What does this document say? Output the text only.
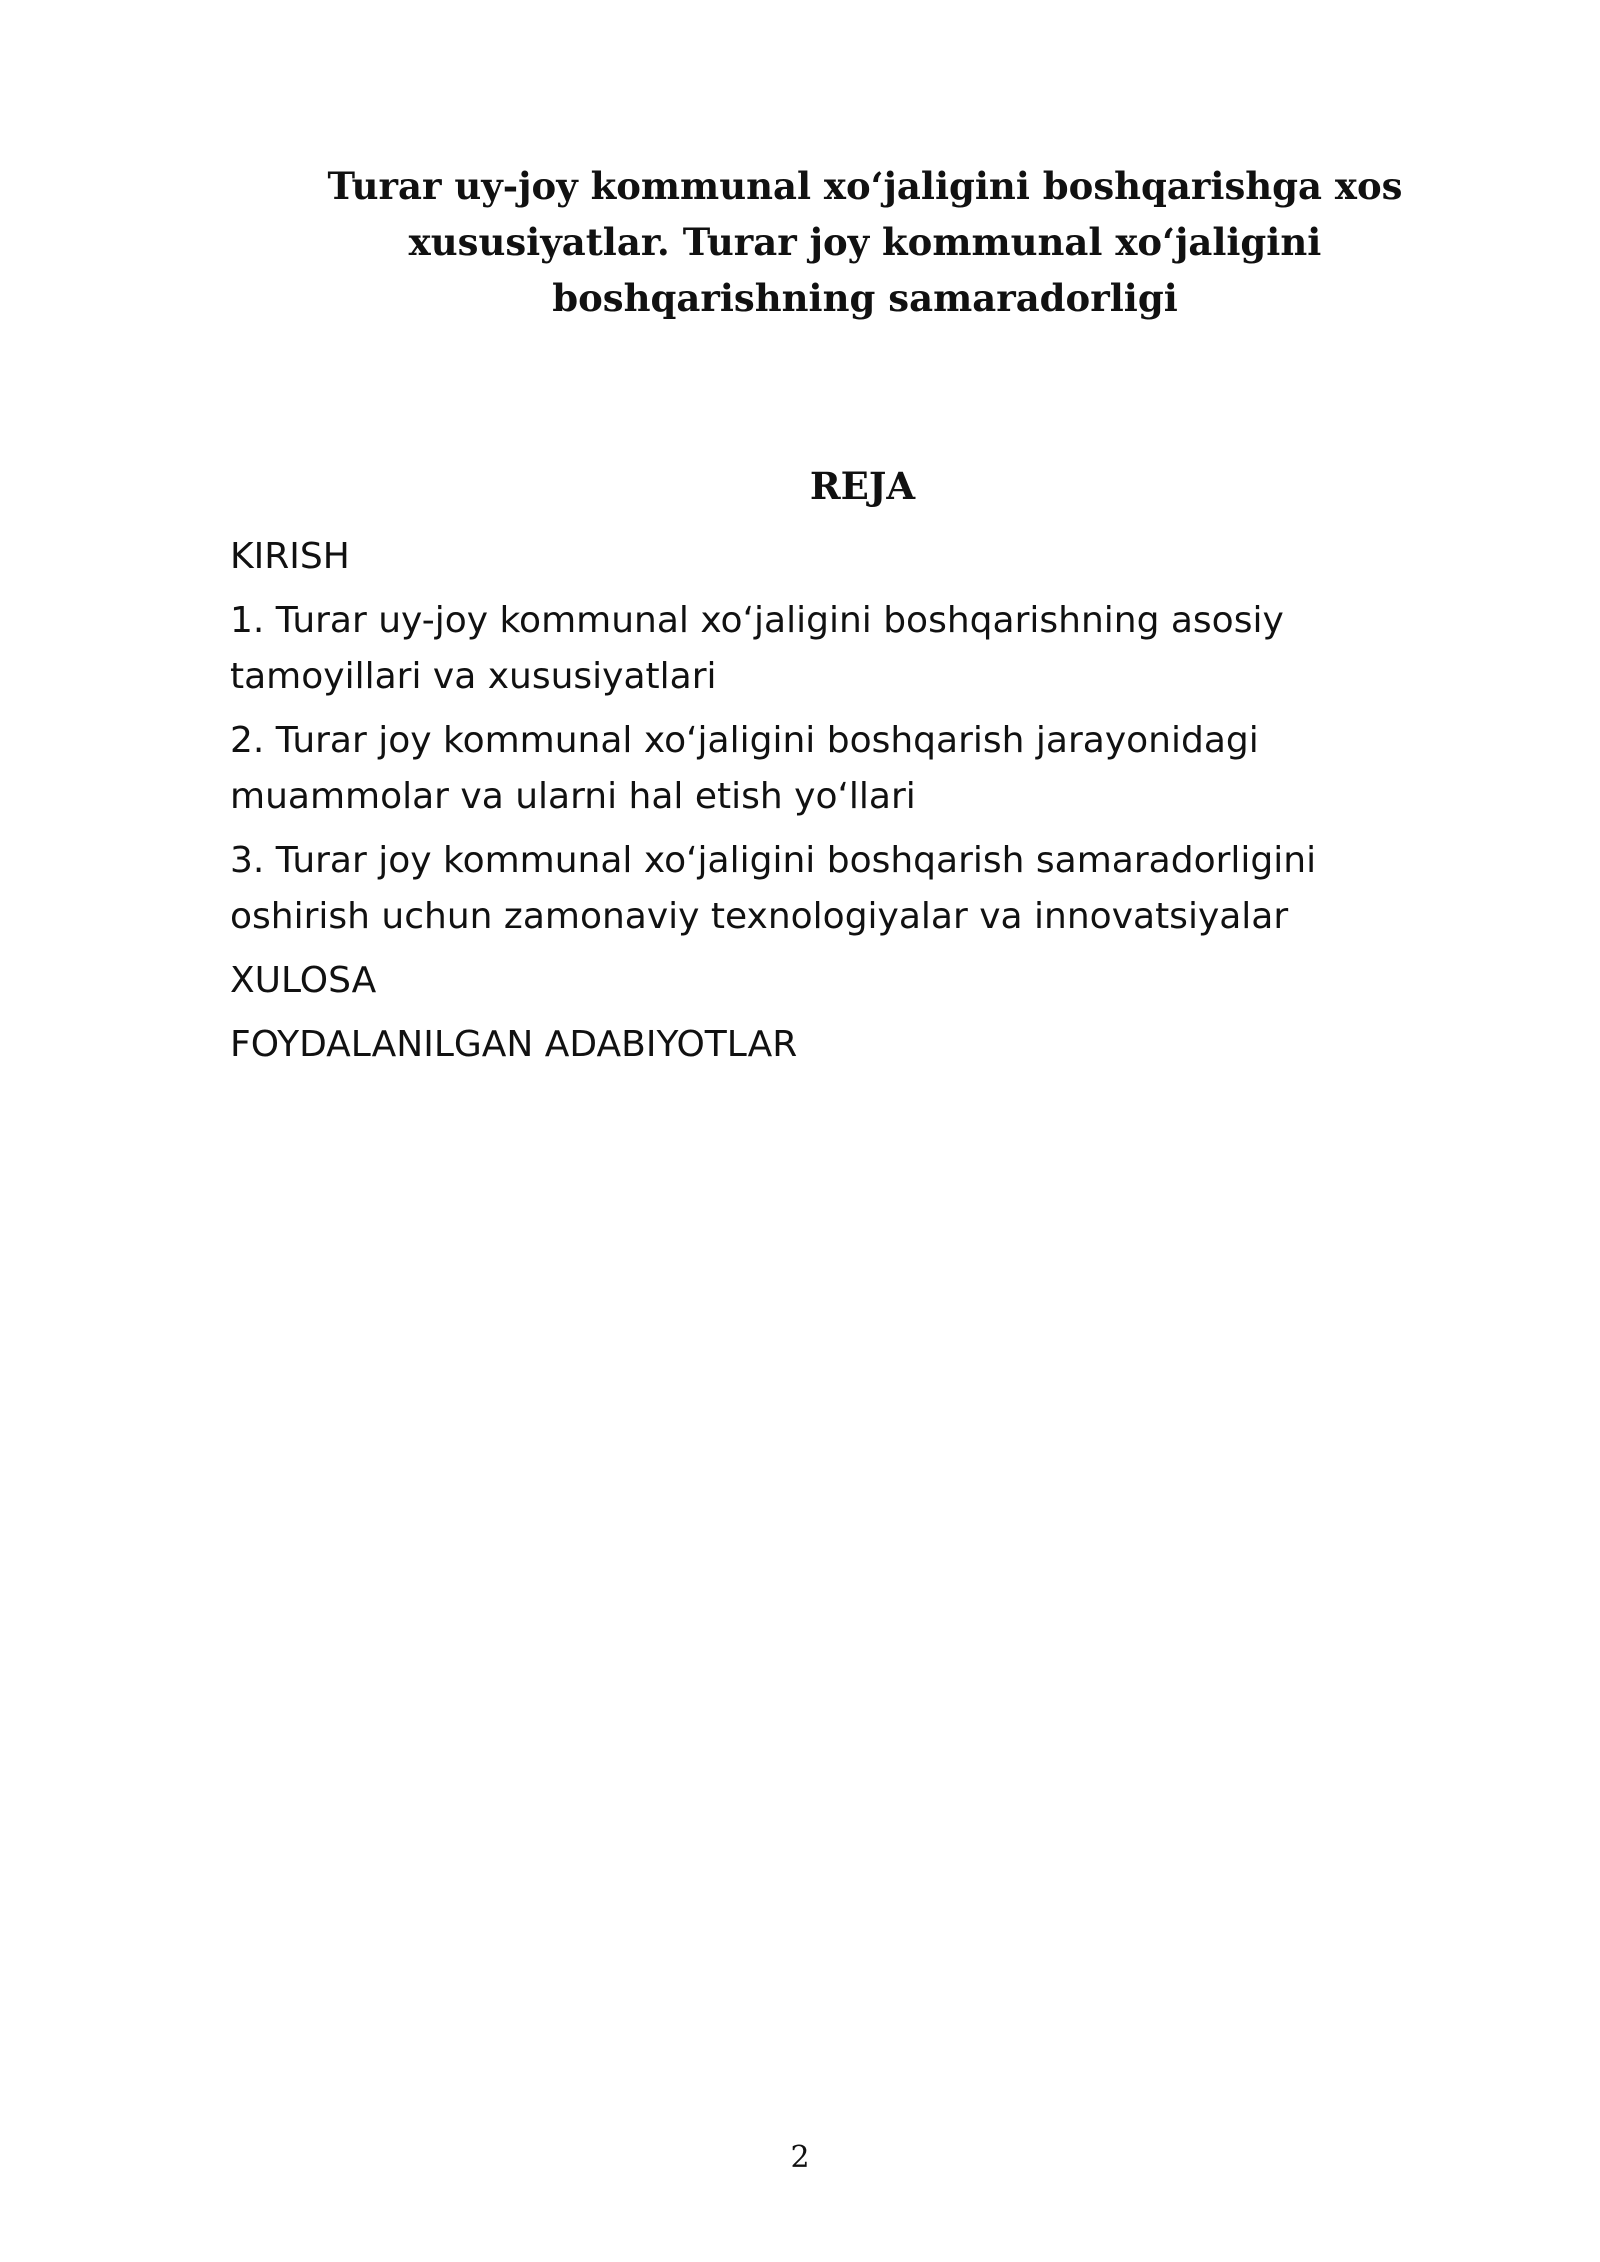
Turar uy-joy kommunal xo‘jaligini boshqarishga xos xususiyatlar. Turar joy kommunal xo‘jaligini boshqarishning samaradorligi
REJA
KIRISH
1. Turar uy-joy kommunal xo‘jaligini boshqarishning asosiy tamoyillari va xususiyatlari
2. Turar joy kommunal xo‘jaligini boshqarish jarayonidagi muammolar va ularni hal etish yo‘llari
3. Turar joy kommunal xo‘jaligini boshqarish samaradorligini oshirish uchun zamonaviy texnologiyalar va innovatsiyalar
XULOSA
FOYDALANILGAN ADABIYOTLAR
2
